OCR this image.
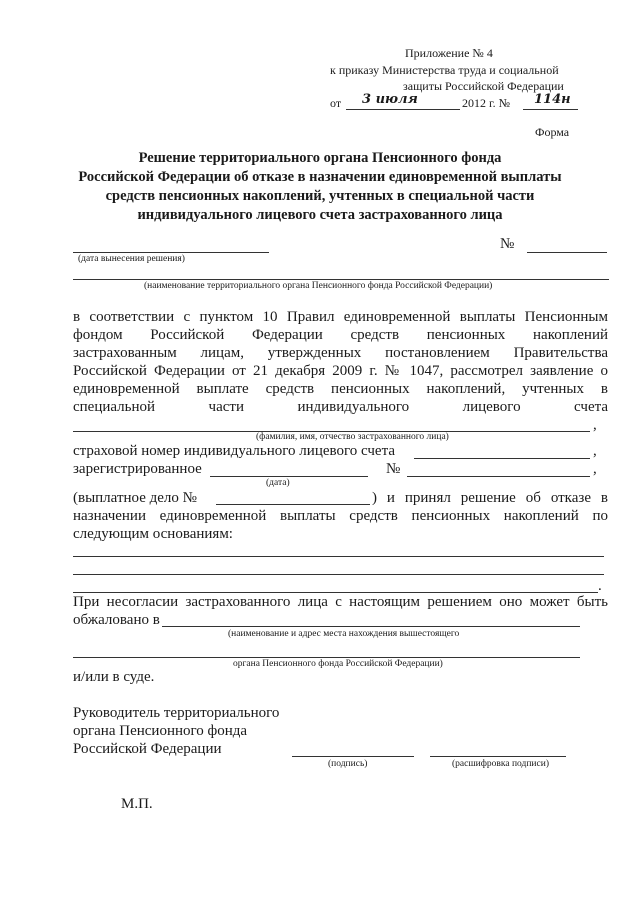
Приложение № 4
к приказу Министерства труда и социальной
защиты Российской Федерации
от 3 июля	2012 г. № 114н
Форма
Решение территориального органа Пенсионного фонда
Российской Федерации об отказе в назначении единовременной выплаты
средств пенсионных накоплений, учтенных в специальной части
индивидуального лицевого счета застрахованного лица
(дата вынесения решения)
№
(наименование территориального органа Пенсионного фонда Российской Федерации)
в соответствии с пунктом 10 Правил единовременной выплаты Пенсионным
фондом Российской Федерации средств пенсионных накоплений
застрахованным лицам, утвержденных постановлением Правительства
Российской Федерации от 21 декабря 2009 г. № 1047, рассмотрел заявление о
единовременной выплате средств пенсионных накоплений, учтенных в
специальной части индивидуального лицевого счета
,
(фамилия, имя, отчество застрахованного лица)
страховой номер индивидуального лицевого счета	,
зарегистрированное	№	,
(дата)
(выплатное дело №	) и принял решение об отказе в
назначении единовременной выплаты средств пенсионных накоплений по
следующим основаниям:
.
При несогласии застрахованного лица с настоящим решением оно может быть
обжаловано в
(наименование и адрес места нахождения вышестоящего
органа Пенсионного фонда Российской Федерации)
и/или в суде.
Руководитель территориального
органа Пенсионного фонда
Российской Федерации
(подпись)	(расшифровка подписи)
М.П.
